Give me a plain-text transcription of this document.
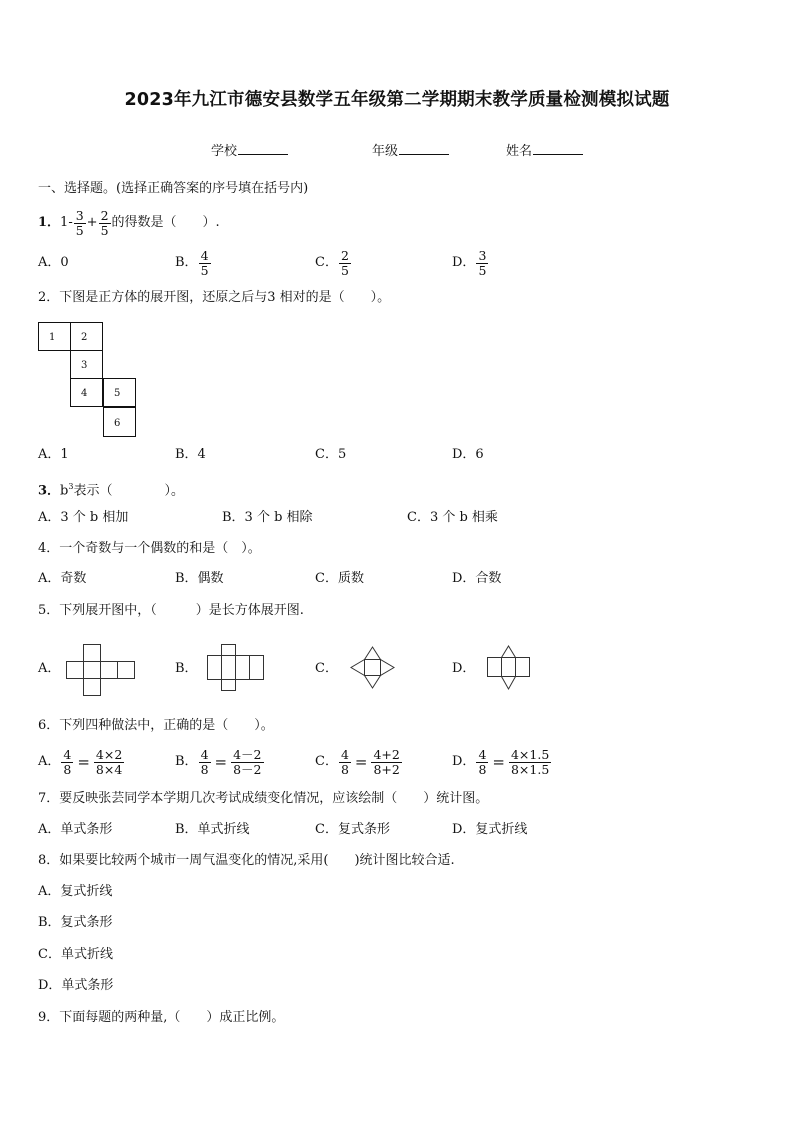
2023年九江市德安县数学五年级第二学期期末教学质量检测模拟试题
学校	年级	姓名
一、选择题。(选择正确答案的序号填在括号内)
1． $1- \frac{3}{5} + \frac{2}{5}$ 的得数是（　　）.
A．0	B． $\frac{4}{5}$	C． $\frac{2}{5}$	D． $\frac{3}{5}$
2．下图是正方体的展开图，还原之后与3 相对的是（　　）。
1	2
3
4	5
6
A．1	B．4	C．5	D．6
3．$b^3$表示（　　　　）。
A．3 个 b 相加	B．3 个 b 相除	C．3 个 b 相乘
4．一个奇数与一个偶数的和是（　）。
A．奇数	B．偶数	C．质数	D．合数
5．下列展开图中，（　　　）是长方体展开图.
A．	B．	C．	D．
6．下列四种做法中，正确的是（　　）。
A． $\frac{4}{8} = \frac{4\times 2}{8\times 4}$	B． $\frac{4}{8} = \frac{4-2}{8-2}$	C． $\frac{4}{8} = \frac{4+2}{8+2}$	D． $\frac{4}{8} = \frac{4\times 1.5}{8\times 1.5}$
7．要反映张芸同学本学期几次考试成绩变化情况，应该绘制（　　）统计图。
A．单式条形	B．单式折线	C．复式条形	D．复式折线
8．如果要比较两个城市一周气温变化的情况,采用(　　)统计图比较合适.
A．复式折线
B．复式条形
C．单式折线
D．单式条形
9．下面每题的两种量,（　　）成正比例。
